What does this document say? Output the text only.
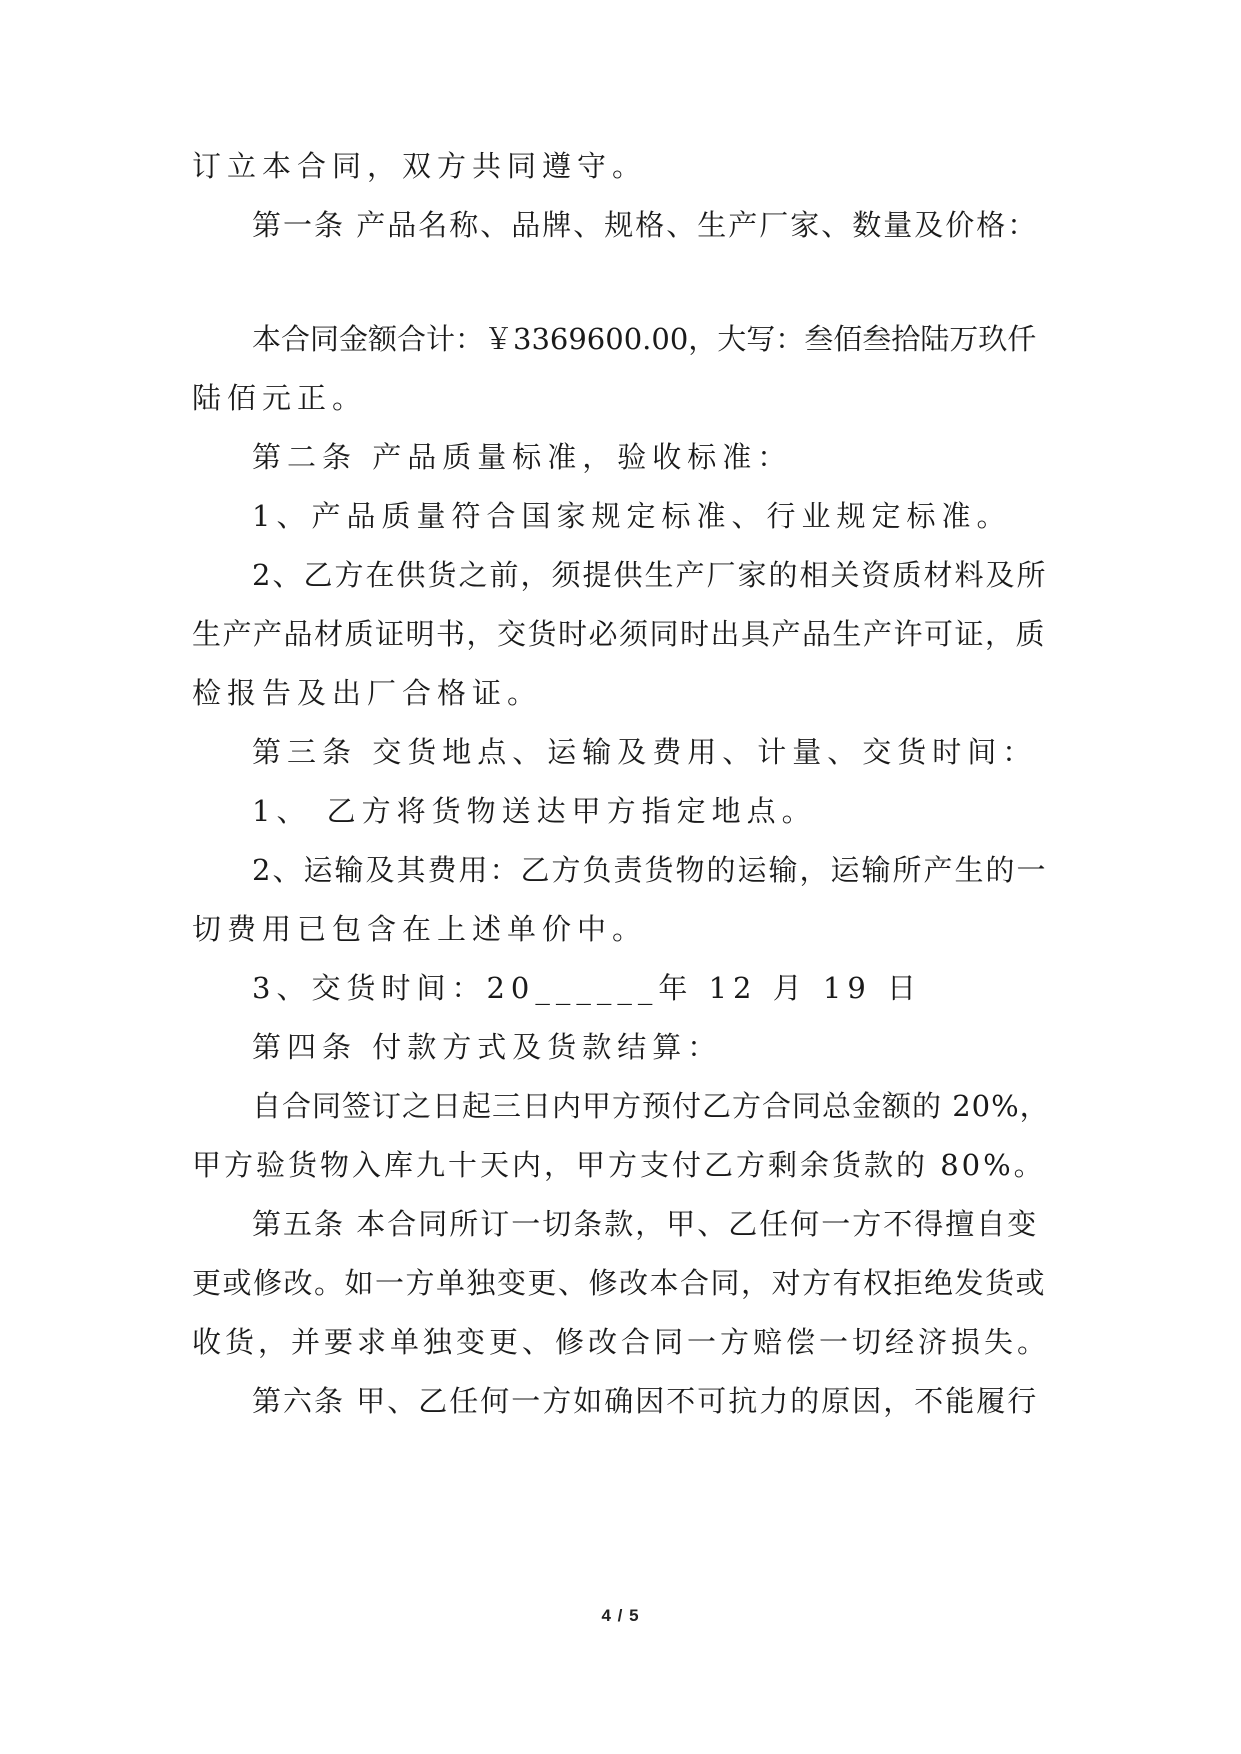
订立本合同，双方共同遵守。
第一条 产品名称、品牌、规格、生产厂家、数量及价格：
本合同金额合计：￥3369600.00，大写：叁佰叁拾陆万玖仟
陆佰元正。
第二条 产品质量标准，验收标准：
1、产品质量符合国家规定标准、行业规定标准。
2、乙方在供货之前，须提供生产厂家的相关资质材料及所
生产产品材质证明书，交货时必须同时出具产品生产许可证，质
检报告及出厂合格证。
第三条 交货地点、运输及费用、计量、交货时间：
1、 乙方将货物送达甲方指定地点。
2、运输及其费用：乙方负责货物的运输，运输所产生的一
切费用已包含在上述单价中。
3、交货时间：20______年 12 月 19 日
第四条 付款方式及货款结算：
自合同签订之日起三日内甲方预付乙方合同总金额的 20%，
甲方验货物入库九十天内，甲方支付乙方剩余货款的 80%。
第五条 本合同所订一切条款，甲、乙任何一方不得擅自变
更或修改。如一方单独变更、修改本合同，对方有权拒绝发货或
收货，并要求单独变更、修改合同一方赔偿一切经济损失。
第六条 甲、乙任何一方如确因不可抗力的原因，不能履行
4 / 5
